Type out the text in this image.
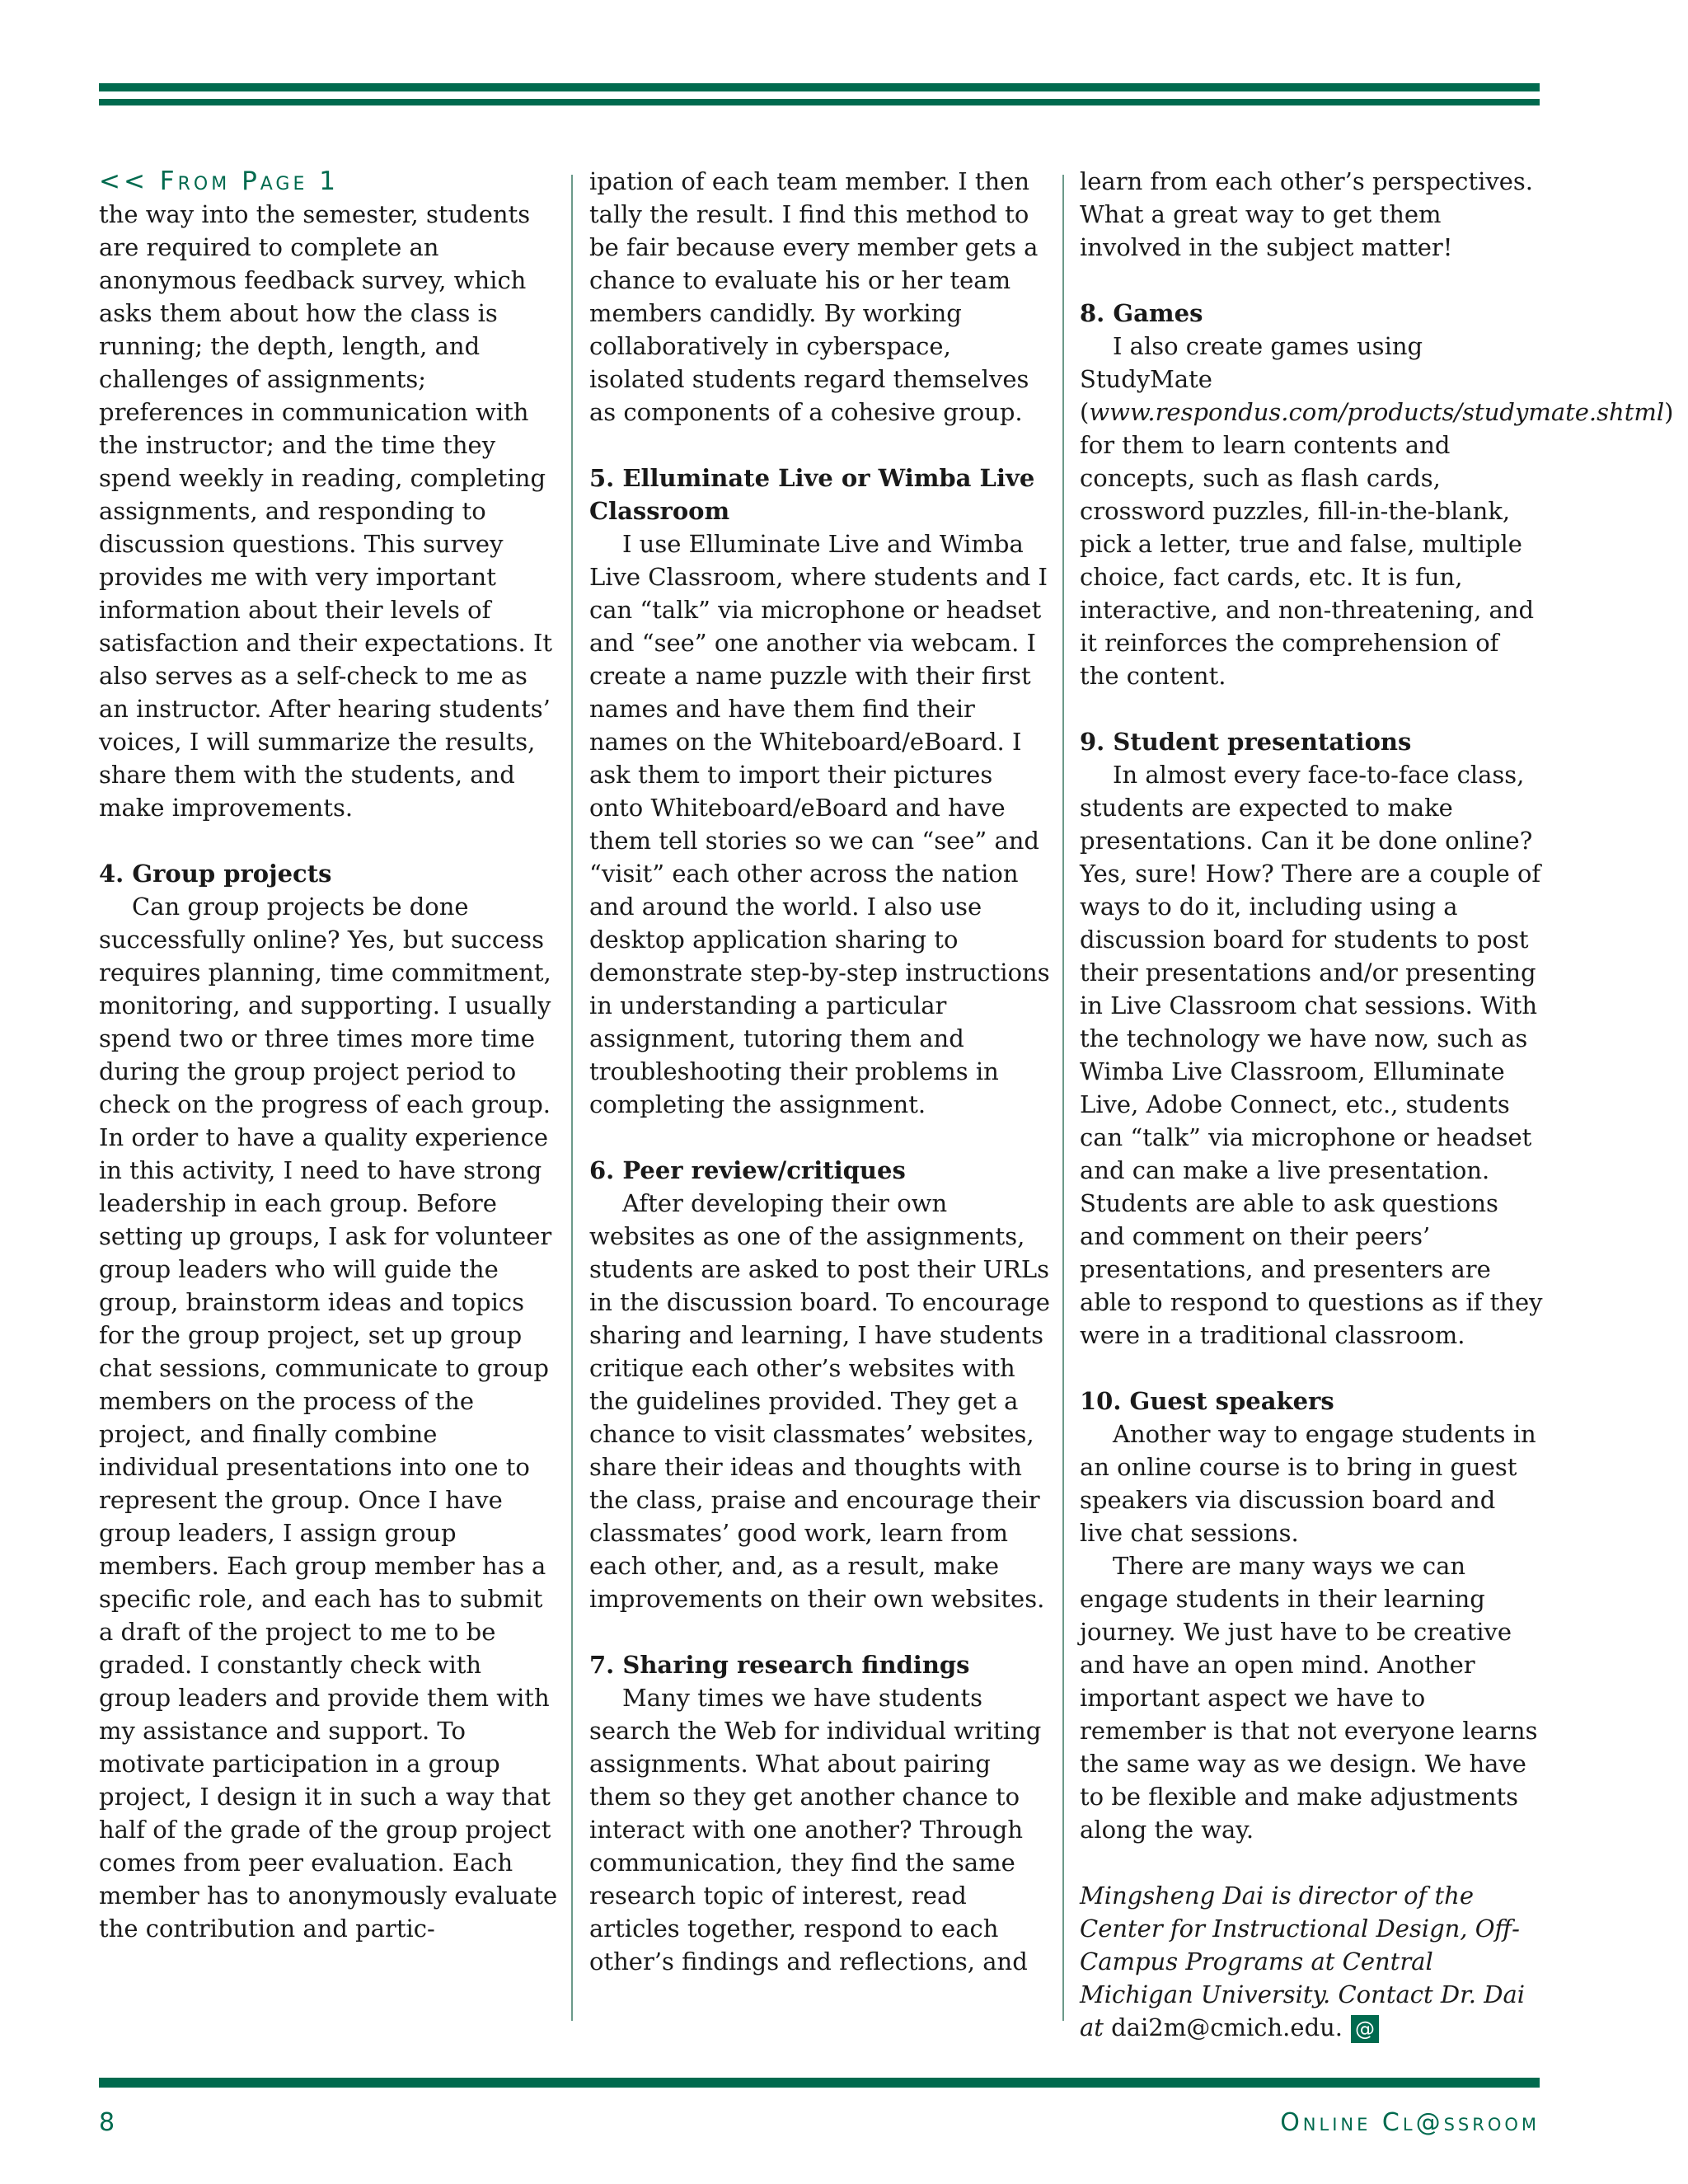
<< From Page 1

the way into the semester, students are required to complete an anonymous feedback survey, which asks them about how the class is running; the depth, length, and challenges of assignments; preferences in communication with the instructor; and the time they spend weekly in reading, completing assignments, and responding to discussion questions. This survey provides me with very important information about their levels of satisfaction and their expectations. It also serves as a self-check to me as an instructor. After hearing students’ voices, I will summarize the results, share them with the students, and make improvements.

4. Group projects

Can group projects be done successfully online? Yes, but success requires planning, time commitment, monitoring, and supporting. I usually spend two or three times more time during the group project period to check on the progress of each group. In order to have a quality experience in this activity, I need to have strong leadership in each group. Before setting up groups, I ask for volunteer group leaders who will guide the group, brainstorm ideas and topics for the group project, set up group chat sessions, communicate to group members on the process of the project, and finally combine individual presentations into one to represent the group. Once I have group leaders, I assign group members. Each group member has a specific role, and each has to submit a draft of the project to me to be graded. I constantly check with group leaders and provide them with my assistance and support. To motivate participation in a group project, I design it in such a way that half of the grade of the group project comes from peer evaluation. Each member has to anonymously evaluate the contribution and partic-

ipation of each team member. I then tally the result. I find this method to be fair because every member gets a chance to evaluate his or her team members candidly. By working collaboratively in cyberspace, isolated students regard themselves as components of a cohesive group.

5. Elluminate Live or Wimba Live Classroom

I use Elluminate Live and Wimba Live Classroom, where students and I can “talk” via microphone or headset and “see” one another via webcam. I create a name puzzle with their first names and have them find their names on the Whiteboard/eBoard. I ask them to import their pictures onto Whiteboard/eBoard and have them tell stories so we can “see” and “visit” each other across the nation and around the world. I also use desktop application sharing to demonstrate step-by-step instructions in understanding a particular assignment, tutoring them and troubleshooting their problems in completing the assignment.

6. Peer review/critiques

After developing their own websites as one of the assignments, students are asked to post their URLs in the discussion board. To encourage sharing and learning, I have students critique each other’s websites with the guidelines provided. They get a chance to visit classmates’ websites, share their ideas and thoughts with the class, praise and encourage their classmates’ good work, learn from each other, and, as a result, make improvements on their own websites.

7. Sharing research findings

Many times we have students search the Web for individual writing assignments. What about pairing them so they get another chance to interact with one another? Through communication, they find the same research topic of interest, read articles together, respond to each other’s findings and reflections, and

learn from each other’s perspectives. What a great way to get them involved in the subject matter!

8. Games

I also create games using StudyMate (www.respondus.com/products/studymate.shtml) for them to learn contents and concepts, such as flash cards, crossword puzzles, fill-in-the-blank, pick a letter, true and false, multiple choice, fact cards, etc. It is fun, interactive, and non-threatening, and it reinforces the comprehension of the content.

9. Student presentations

In almost every face-to-face class, students are expected to make presentations. Can it be done online? Yes, sure! How? There are a couple of ways to do it, including using a discussion board for students to post their presentations and/or presenting in Live Classroom chat sessions. With the technology we have now, such as Wimba Live Classroom, Elluminate Live, Adobe Connect, etc., students can “talk” via microphone or headset and can make a live presentation. Students are able to ask questions and comment on their peers’ presentations, and presenters are able to respond to questions as if they were in a traditional classroom.

10. Guest speakers

Another way to engage students in an online course is to bring in guest speakers via discussion board and live chat sessions.

There are many ways we can engage students in their learning journey. We just have to be creative and have an open mind. Another important aspect we have to remember is that not everyone learns the same way as we design. We have to be flexible and make adjustments along the way.

Mingsheng Dai is director of the Center for Instructional Design, Off-Campus Programs at Central Michigan University. Contact Dr. Dai at dai2m@cmich.edu. @

8	Online Cl@ssroom
